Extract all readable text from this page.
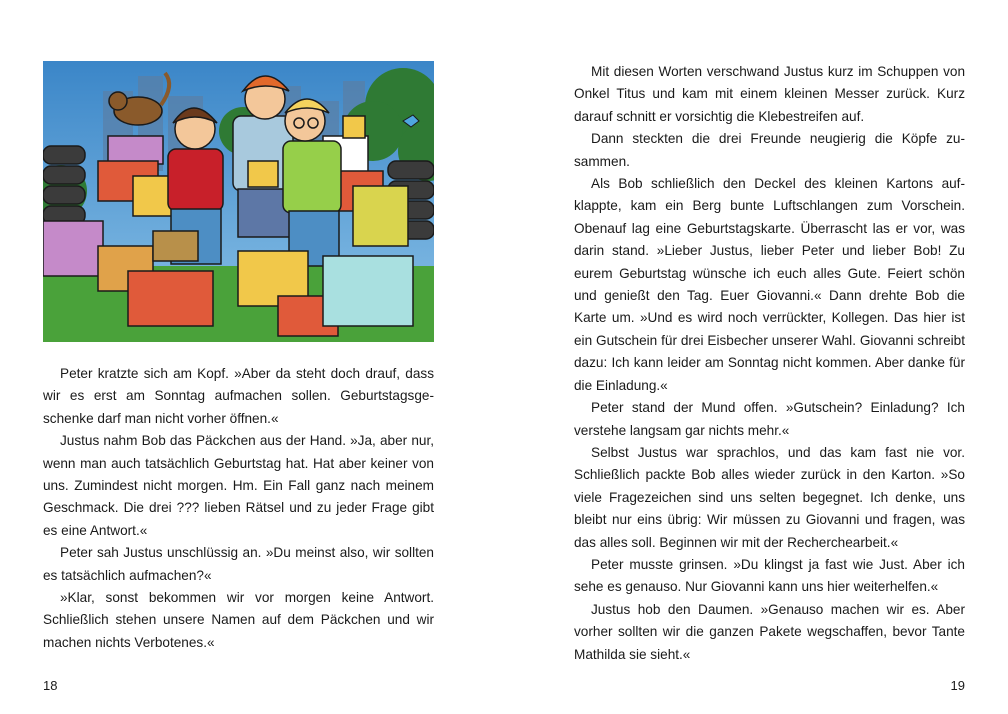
Peter kratzte sich am Kopf. »Aber da steht doch drauf, dass wir es erst am Sonntag aufmachen sollen. Geburtstagsgeschenke darf man nicht vorher öffnen.«

Justus nahm Bob das Päckchen aus der Hand. »Ja, aber nur, wenn man auch tatsächlich Geburtstag hat. Hat aber keiner von uns. Zumindest nicht morgen. Hm. Ein Fall ganz nach meinem Geschmack. Die drei ??? lieben Rätsel und zu jeder Frage gibt es eine Antwort.«

Peter sah Justus unschlüssig an. »Du meinst also, wir sollten es tatsächlich aufmachen?«

»Klar, sonst bekommen wir vor morgen keine Antwort. Schließlich stehen unsere Namen auf dem Päckchen und wir machen nichts Verbotenes.«

18	19

Mit diesen Worten verschwand Justus kurz im Schuppen von Onkel Titus und kam mit einem kleinen Messer zurück. Kurz darauf schnitt er vorsichtig die Klebestreifen auf.

Dann steckten die drei Freunde neugierig die Köpfe zusammen.

Als Bob schließlich den Deckel des kleinen Kartons aufklappte, kam ein Berg bunte Luftschlangen zum Vorschein. Obenauf lag eine Geburtstagskarte. Überrascht las er vor, was darin stand. »Lieber Justus, lieber Peter und lieber Bob! Zu eurem Geburtstag wünsche ich euch alles Gute. Feiert schön und genießt den Tag. Euer Giovanni.« Dann drehte Bob die Karte um. »Und es wird noch verrückter, Kollegen. Das hier ist ein Gutschein für drei Eisbecher unserer Wahl. Giovanni schreibt dazu: Ich kann leider am Sonntag nicht kommen. Aber danke für die Einladung.«

Peter stand der Mund offen. »Gutschein? Einladung? Ich verstehe langsam gar nichts mehr.«

Selbst Justus war sprachlos, und das kam fast nie vor. Schließlich packte Bob alles wieder zurück in den Karton. »So viele Fragezeichen sind uns selten begegnet. Ich denke, uns bleibt nur eins übrig: Wir müssen zu Giovanni und fragen, was das alles soll. Beginnen wir mit der Recherchearbeit.«

Peter musste grinsen. »Du klingst ja fast wie Just. Aber ich sehe es genauso. Nur Giovanni kann uns hier weiterhelfen.«

Justus hob den Daumen. »Genauso machen wir es. Aber vorher sollten wir die ganzen Pakete wegschaffen, bevor Tante Mathilda sie sieht.«
